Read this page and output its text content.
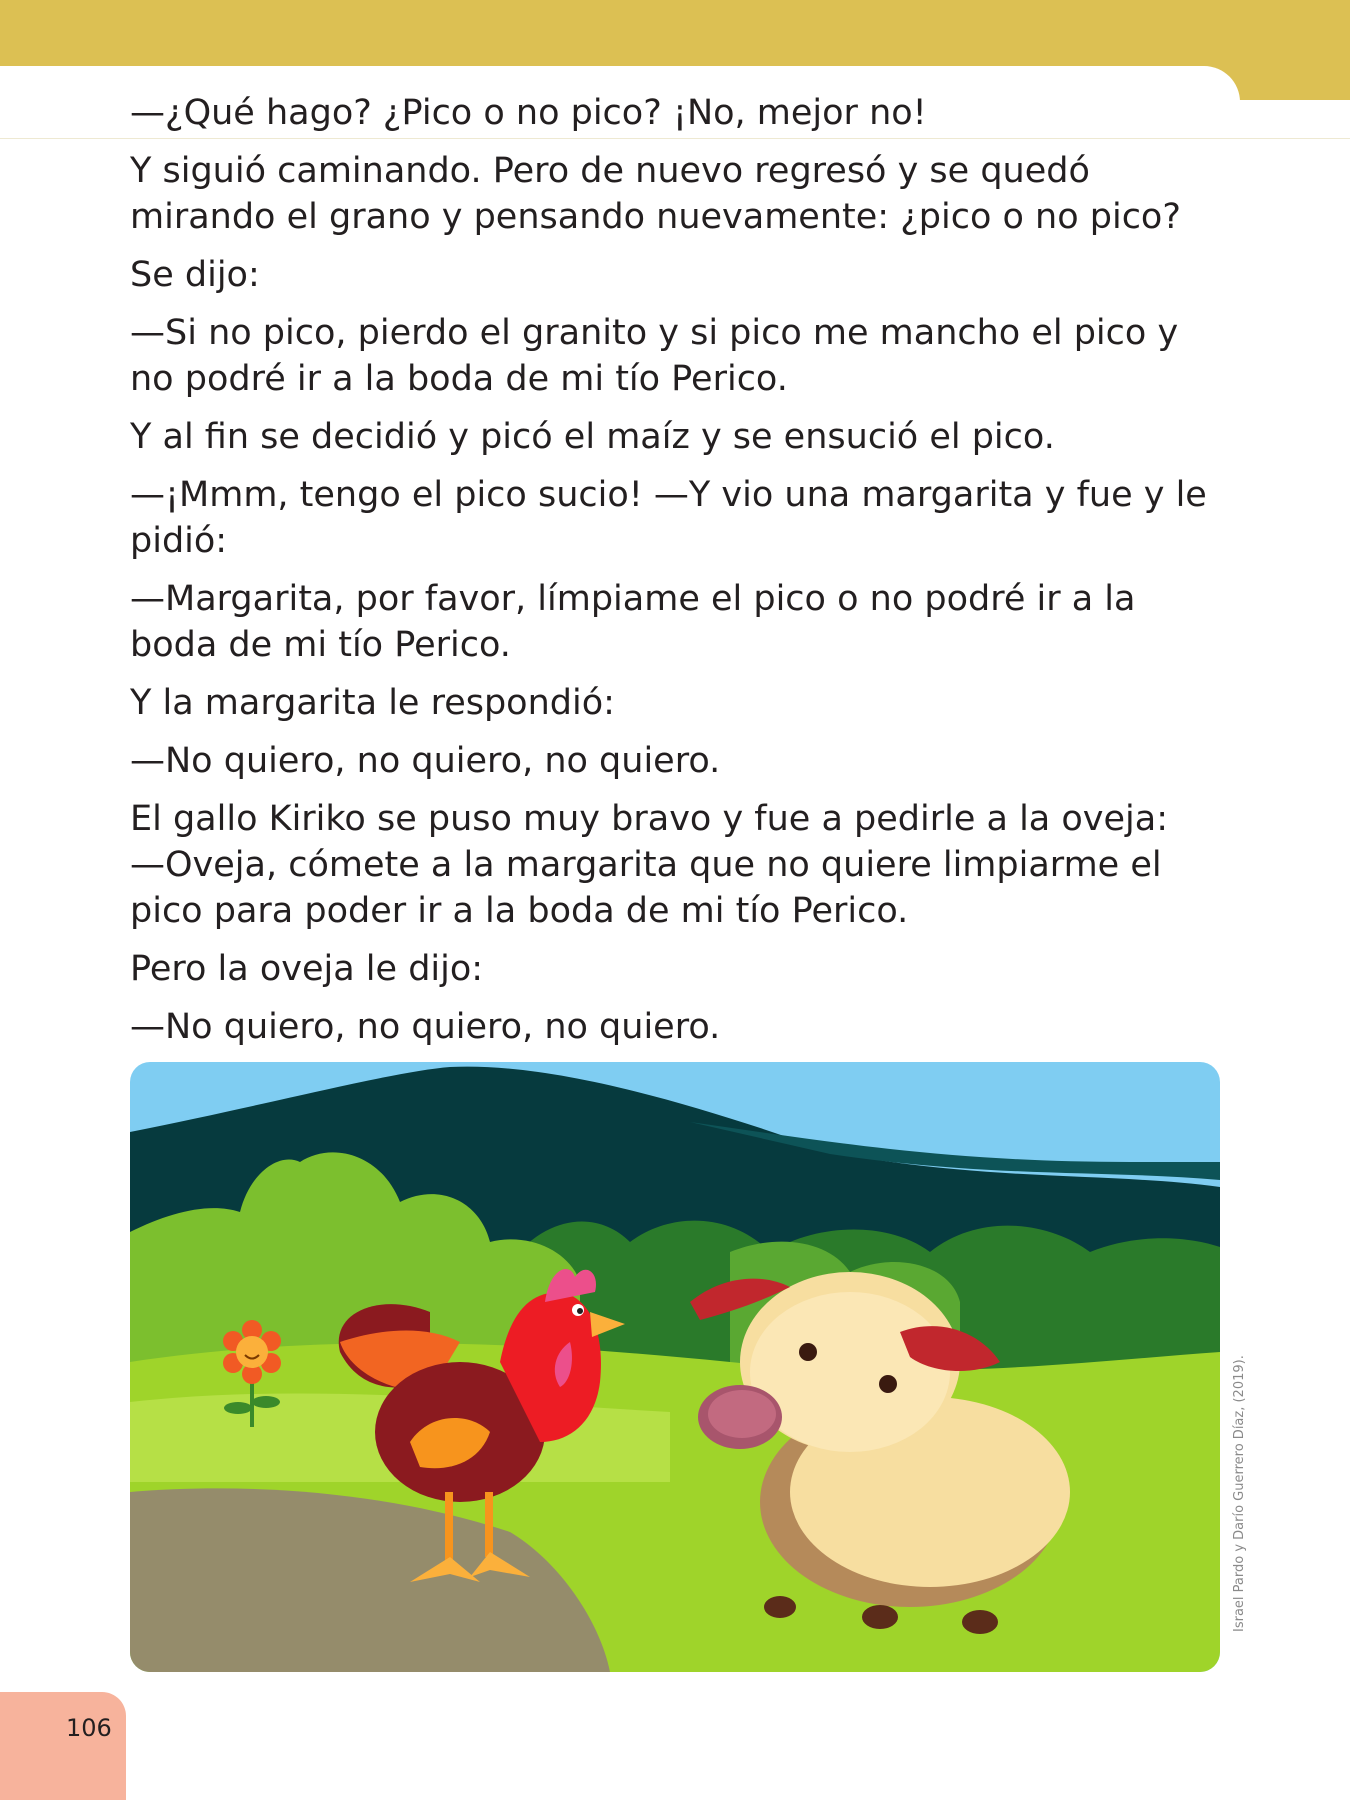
—¿Qué hago? ¿Pico o no pico? ¡No, mejor no!

Y siguió caminando. Pero de nuevo regresó y se quedó mirando el grano y pensando nuevamente: ¿pico o no pico?

Se dijo:

—Si no pico, pierdo el granito y si pico me mancho el pico y no podré ir a la boda de mi tío Perico.

Y al fin se decidió y picó el maíz y se ensució el pico.

—¡Mmm, tengo el pico sucio! —Y vio una margarita y fue y le pidió:

—Margarita, por favor, límpiame el pico o no podré ir a la boda de mi tío Perico.

Y la margarita le respondió:

—No quiero, no quiero, no quiero.

El gallo Kiriko se puso muy bravo y fue a pedirle a la oveja:

—Oveja, cómete a la margarita que no quiere limpiarme el pico para poder ir a la boda de mi tío Perico.

Pero la oveja le dijo:

—No quiero, no quiero, no quiero.

Israel Pardo y Darío Guerrero Díaz, (2019).
106
